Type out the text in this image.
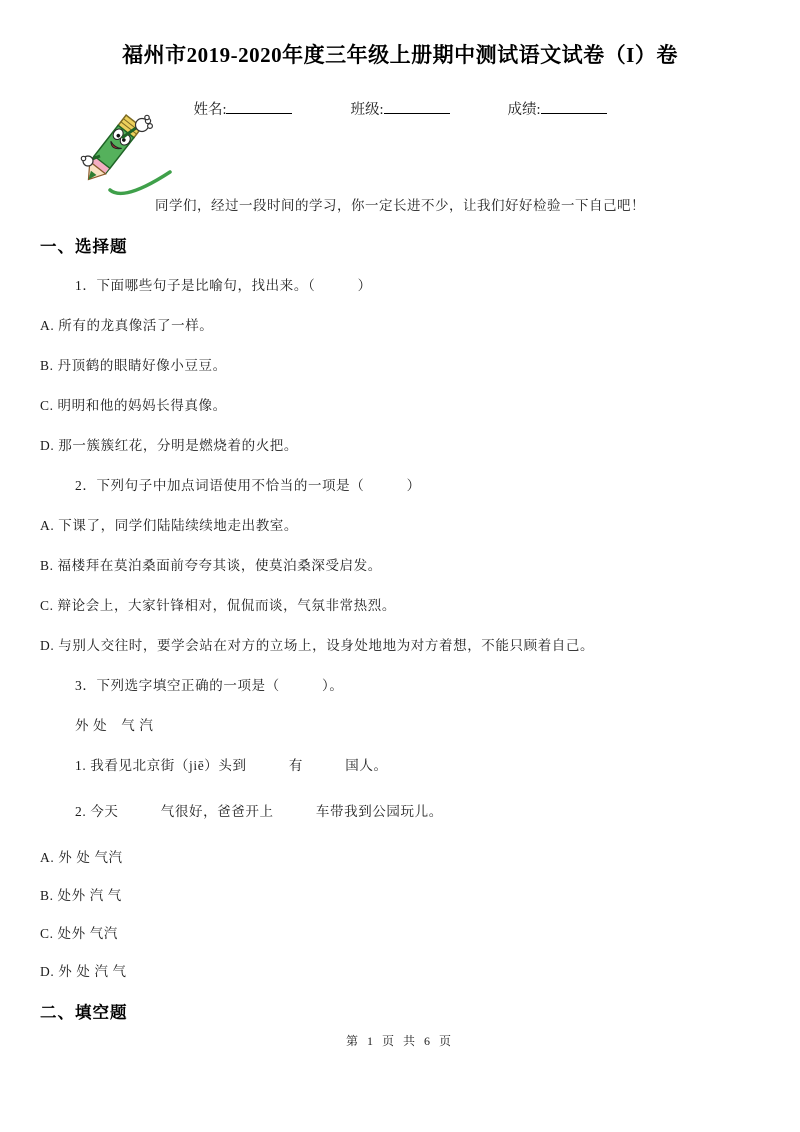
福州市2019-2020年度三年级上册期中测试语文试卷（I）卷
姓名:	班级:	成绩:

同学们，经过一段时间的学习，你一定长进不少，让我们好好检验一下自己吧！

一、选择题

1．下面哪些句子是比喻句，找出来。（　　　）

A. 所有的龙真像活了一样。

B. 丹顶鹤的眼睛好像小豆豆。

C. 明明和他的妈妈长得真像。

D. 那一簇簇红花，分明是燃烧着的火把。

2．下列句子中加点词语使用不恰当的一项是（　　　）

A. 下课了，同学们陆陆续续地走出教室。

B. 福楼拜在莫泊桑面前夸夸其谈，使莫泊桑深受启发。

C. 辩论会上，大家针锋相对，侃侃而谈，气氛非常热烈。

D. 与别人交往时，要学会站在对方的立场上，设身处地地为对方着想，不能只顾着自己。

3．下列选字填空正确的一项是（　　　）。

外 处　气 汽

1. 我看见北京街（jiē）头到　　　有　　　国人。

2. 今天　　　气很好，爸爸开上　　　车带我到公园玩儿。

A. 外 处 气汽

B. 处外 汽 气

C. 处外 气汽

D. 外 处 汽 气

二、填空题
第 1 页 共 6 页
